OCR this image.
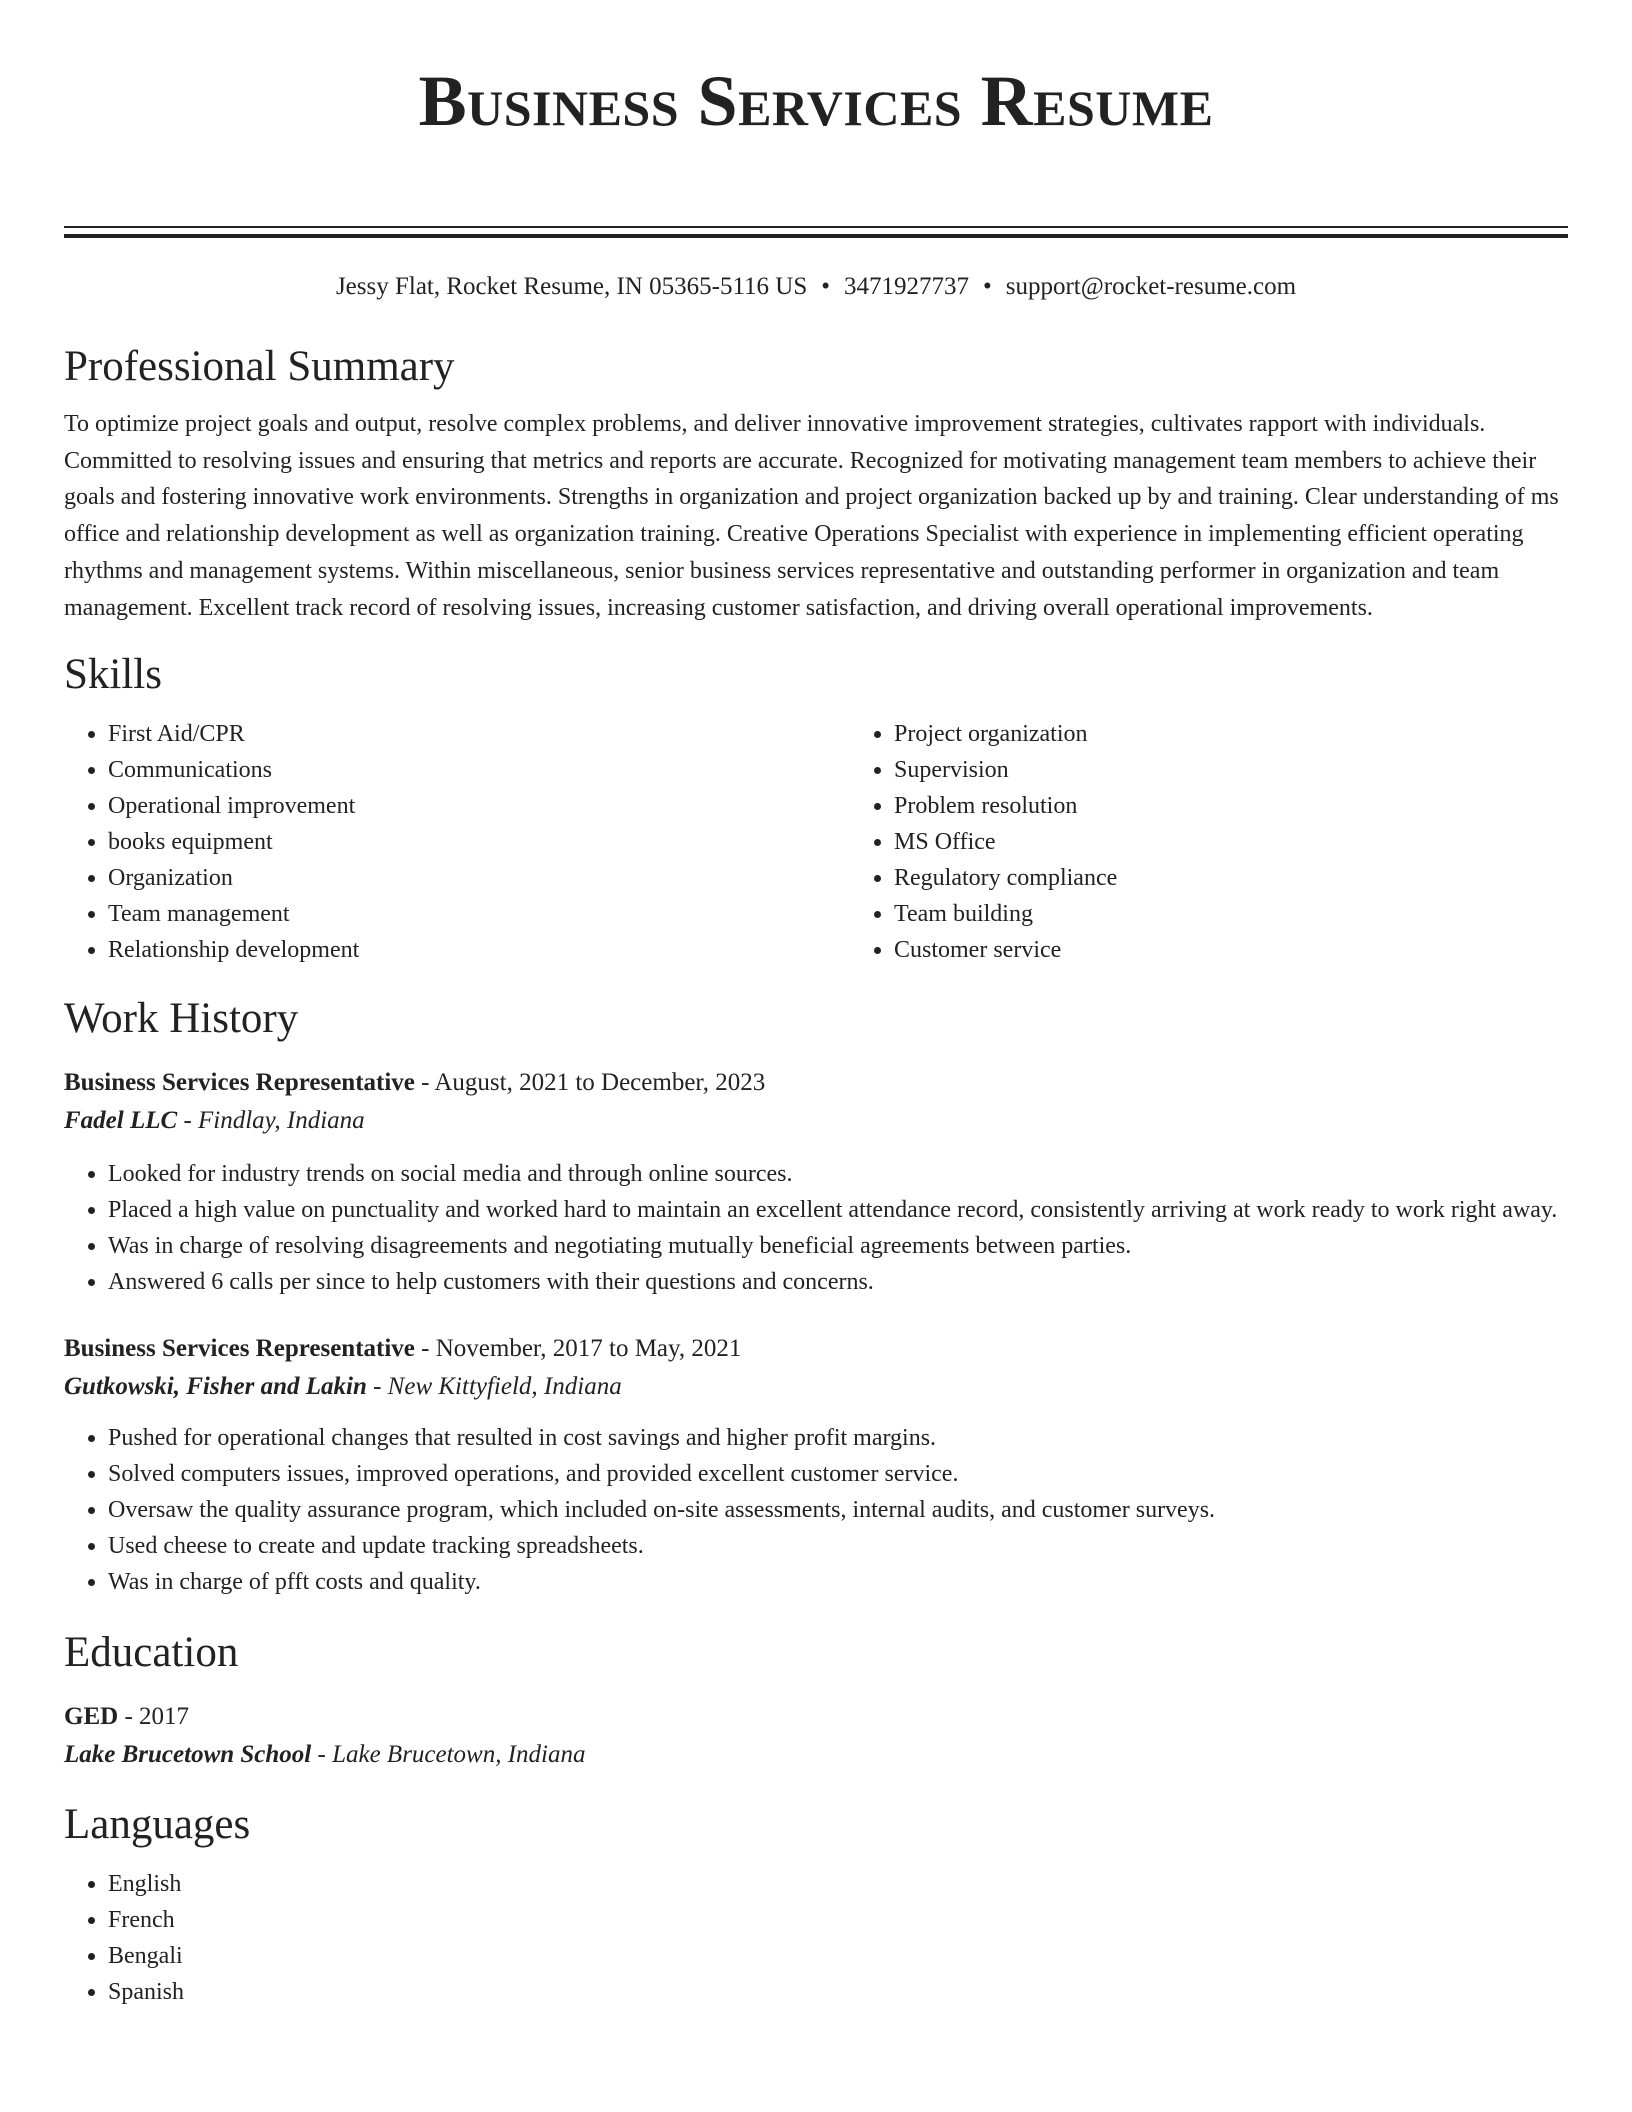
Business Services Resume
Jessy Flat, Rocket Resume, IN 05365-5116 US • 3471927737 • support@rocket-resume.com
Professional Summary

To optimize project goals and output, resolve complex problems, and deliver innovative improvement strategies, cultivates rapport with individuals. Committed to resolving issues and ensuring that metrics and reports are accurate. Recognized for motivating management team members to achieve their goals and fostering innovative work environments. Strengths in organization and project organization backed up by and training. Clear understanding of ms office and relationship development as well as organization training. Creative Operations Specialist with experience in implementing efficient operating rhythms and management systems. Within miscellaneous, senior business services representative and outstanding performer in organization and team management. Excellent track record of resolving issues, increasing customer satisfaction, and driving overall operational improvements.

Skills
• First Aid/CPR
• Communications
• Operational improvement
• books equipment
• Organization
• Team management
• Relationship development
• Project organization
• Supervision
• Problem resolution
• MS Office
• Regulatory compliance
• Team building
• Customer service
Work History
Business Services Representative - August, 2021 to December, 2023
Fadel LLC - Findlay, Indiana
• Looked for industry trends on social media and through online sources.
• Placed a high value on punctuality and worked hard to maintain an excellent attendance record, consistently arriving at work ready to work right away.
• Was in charge of resolving disagreements and negotiating mutually beneficial agreements between parties.
• Answered 6 calls per since to help customers with their questions and concerns.
Business Services Representative - November, 2017 to May, 2021
Gutkowski, Fisher and Lakin - New Kittyfield, Indiana
• Pushed for operational changes that resulted in cost savings and higher profit margins.
• Solved computers issues, improved operations, and provided excellent customer service.
• Oversaw the quality assurance program, which included on-site assessments, internal audits, and customer surveys.
• Used cheese to create and update tracking spreadsheets.
• Was in charge of pfft costs and quality.
Education
GED - 2017
Lake Brucetown School - Lake Brucetown, Indiana
Languages
• English
• French
• Bengali
• Spanish
